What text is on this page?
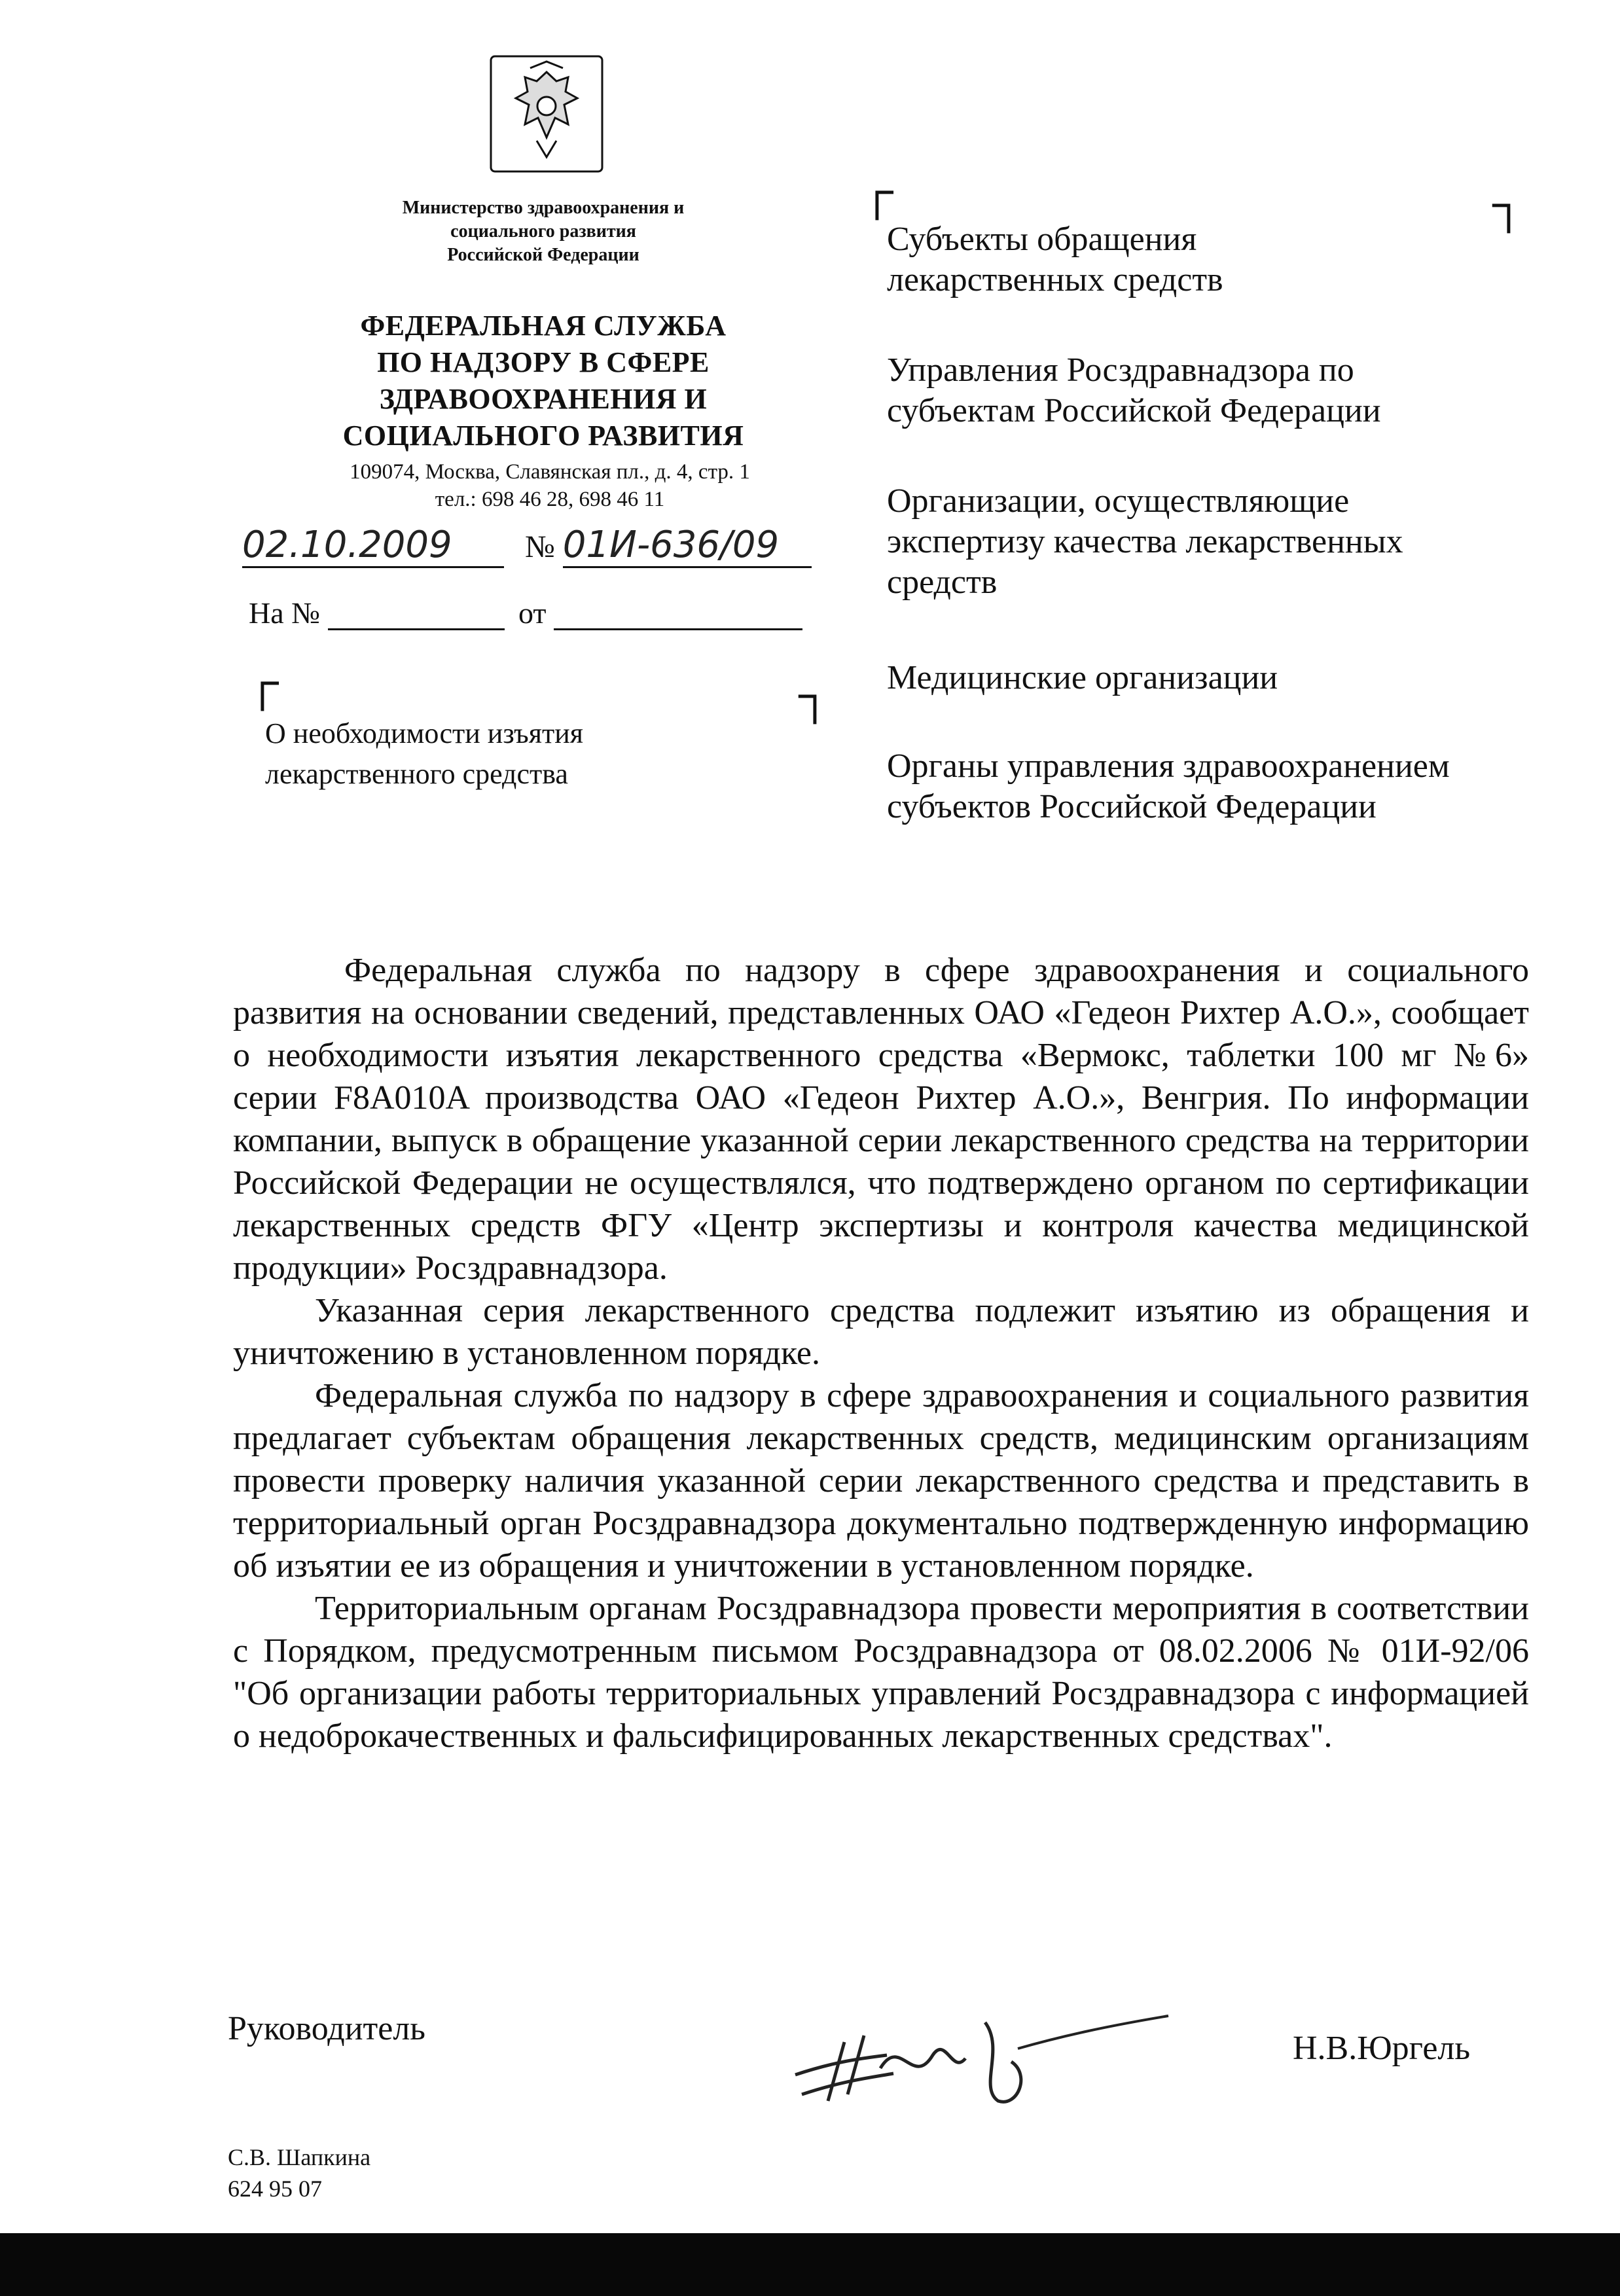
Министерство здравоохранения и
социального развития
Российской Федерации
ФЕДЕРАЛЬНАЯ СЛУЖБА
ПО НАДЗОРУ В СФЕРЕ
ЗДРАВООХРАНЕНИЯ И
СОЦИАЛЬНОГО РАЗВИТИЯ
109074, Москва, Славянская пл., д. 4, стр. 1
тел.: 698 46 28, 698 46 11
02.10.2009 № 01И-636/09
На №	от
┌	┐
┌	┐
О необходимости изъятия
лекарственного средства
Субъекты обращения
лекарственных средств
Управления Росздравнадзора по
субъектам Российской Федерации
Организации, осуществляющие
экспертизу качества лекарственных
средств
Медицинские организации
Органы управления здравоохранением
субъектов Российской Федерации

Федеральная служба по надзору в сфере здравоохранения и социального развития на основании сведений, представленных ОАО «Гедеон Рихтер А.О.», сообщает о необходимости изъятия лекарственного средства «Вермокс, таблетки 100 мг №6» серии F8A010A производства ОАО «Гедеон Рихтер А.О.», Венгрия. По информации компании, выпуск в обращение указанной серии лекарственного средства на территории Российской Федерации не осуществлялся, что подтверждено органом по сертификации лекарственных средств ФГУ «Центр экспертизы и контроля качества медицинской продукции» Росздравнадзора.

Указанная серия лекарственного средства подлежит изъятию из обращения и уничтожению в установленном порядке.

Федеральная служба по надзору в сфере здравоохранения и социального развития предлагает субъектам обращения лекарственных средств, медицинским организациям провести проверку наличия указанной серии лекарственного средства и представить в территориальный орган Росздравнадзора документально подтвержденную информацию об изъятии ее из обращения и уничтожении в установленном порядке.

Территориальным органам Росздравнадзора провести мероприятия в соответствии с Порядком, предусмотренным письмом Росздравнадзора от 08.02.2006 № 01И-92/06 "Об организации работы территориальных управлений Росздравнадзора с информацией о недоброкачественных и фальсифицированных лекарственных средствах".

Руководитель
Н.В.Юргель
С.В. Шапкина
624 95 07
